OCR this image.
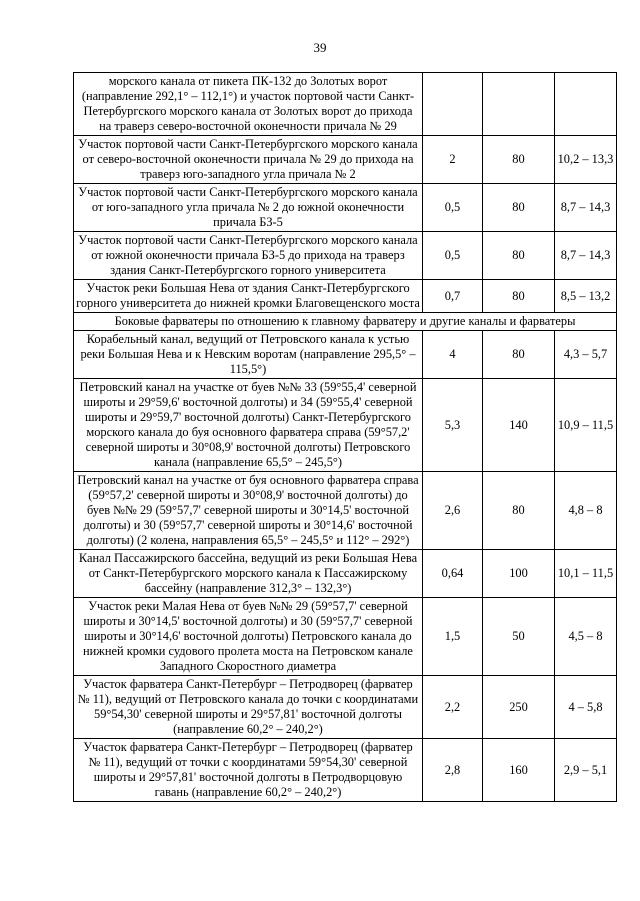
39
морского канала от пикета ПК-132 до Золотых ворот (направление 292,1° – 112,1°) и участок портовой части Санкт-Петербургского морского канала от Золотых ворот до прихода на траверз северо-восточной оконечности причала № 29			
Участок портовой части Санкт-Петербургского морского канала от северо-восточной оконечности причала № 29 до прихода на траверз юго-западного угла причала № 2	2	80	10,2 – 13,3
Участок портовой части Санкт-Петербургского морского канала от юго-западного угла причала № 2 до южной оконечности причала БЗ-5	0,5	80	8,7 – 14,3
Участок портовой части Санкт-Петербургского морского канала от южной оконечности причала БЗ-5 до прихода на траверз здания Санкт-Петербургского горного университета	0,5	80	8,7 – 14,3
Участок реки Большая Нева от здания Санкт-Петербургского горного университета до нижней кромки Благовещенского моста	0,7	80	8,5 – 13,2
Боковые фарватеры по отношению к главному фарватеру и другие каналы и фарватеры			
Корабельный канал, ведущий от Петровского канала к устью реки Большая Нева и к Невским воротам (направление 295,5° – 115,5°)	4	80	4,3 – 5,7
Петровский канал на участке от буев №№ 33 (59°55,4' северной широты и 29°59,6' восточной долготы) и 34 (59°55,4' северной широты и 29°59,7' восточной долготы) Санкт-Петербургского морского канала до буя основного фарватера справа (59°57,2' северной широты и 30°08,9' восточной долготы) Петровского канала (направление 65,5° – 245,5°)	5,3	140	10,9 – 11,5
Петровский канал на участке от буя основного фарватера справа (59°57,2' северной широты и 30°08,9' восточной долготы) до буев №№ 29 (59°57,7' северной широты и 30°14,5' восточной долготы) и 30 (59°57,7' северной широты и 30°14,6' восточной долготы) (2 колена, направления 65,5° – 245,5° и 112° – 292°)	2,6	80	4,8 – 8
Канал Пассажирского бассейна, ведущий из реки Большая Нева от Санкт-Петербургского морского канала к Пассажирскому бассейну (направление 312,3° – 132,3°)	0,64	100	10,1 – 11,5
Участок реки Малая Нева от буев №№ 29 (59°57,7' северной широты и 30°14,5' восточной долготы) и 30 (59°57,7' северной широты и 30°14,6' восточной долготы) Петровского канала до нижней кромки судового пролета моста на Петровском канале Западного Скоростного диаметра	1,5	50	4,5 – 8
Участок фарватера Санкт-Петербург – Петродворец (фарватер № 11), ведущий от Петровского канала до точки с координатами 59°54,30' северной широты и 29°57,81' восточной долготы (направление 60,2° – 240,2°)	2,2	250	4 – 5,8
Участок фарватера Санкт-Петербург – Петродворец (фарватер № 11), ведущий от точки с координатами 59°54,30' северной широты и 29°57,81' восточной долготы в Петродворцовую гавань (направление 60,2° – 240,2°)	2,8	160	2,9 – 5,1
